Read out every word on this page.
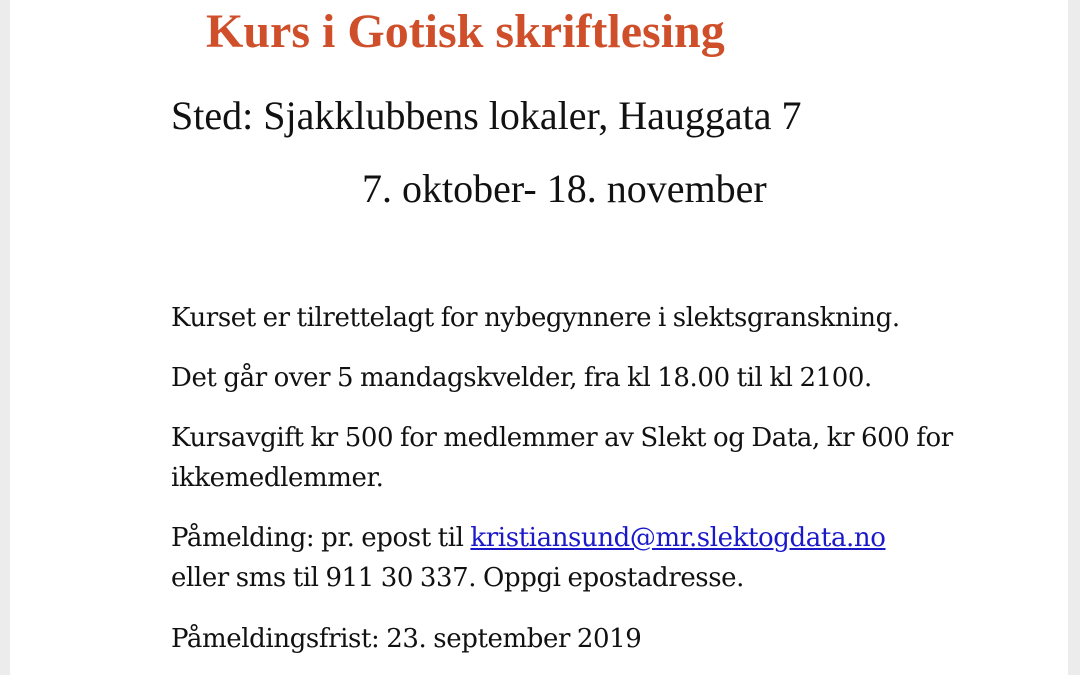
Kurs i Gotisk skriftlesing
Sted: Sjakklubbens lokaler, Hauggata 7
7. oktober- 18. november
Kurset er tilrettelagt for nybegynnere i slektsgranskning.
Det går over 5 mandagskvelder, fra kl 18.00 til kl 2100.
Kursavgift kr 500 for medlemmer av Slekt og Data, kr 600 for ikkemedlemmer.
Påmelding: pr. epost til kristiansund@mr.slektogdata.no
eller sms til 911 30 337. Oppgi epostadresse.
Påmeldingsfrist: 23. september 2019
